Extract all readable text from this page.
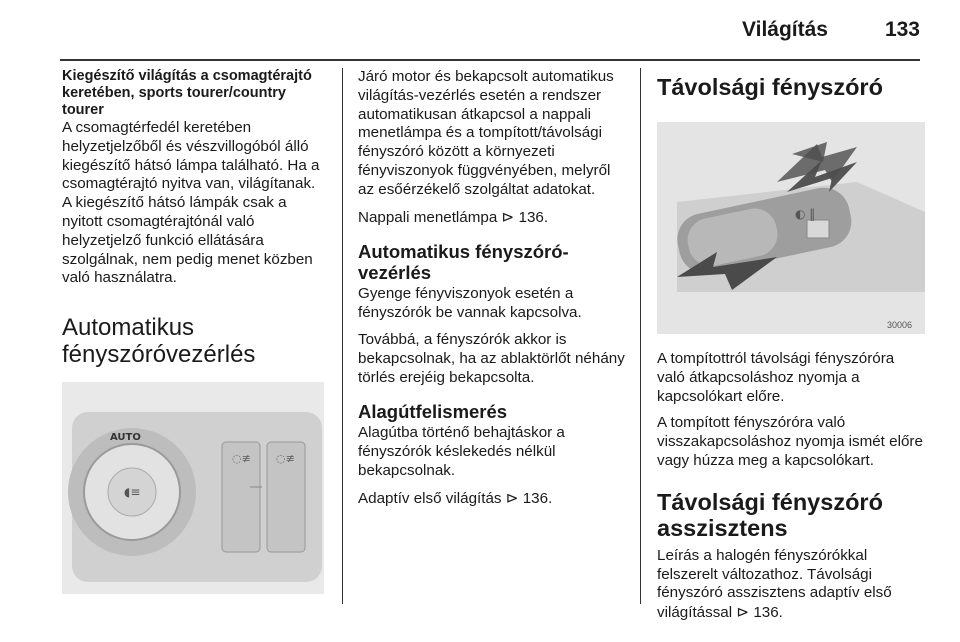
Világítás	133
Kiegészítő világítás a csomagtérajtó keretében, sports tourer/country tourer

A csomagtérfedél keretében helyzetjelzőből és vészvillogóból álló kiegészítő hátsó lámpa található. Ha a csomagtérajtó nyitva van, világítanak. A kiegészítő hátsó lámpák csak a nyitott csomagtérajtónál való helyzetjelző funkció ellátására szolgálnak, nem pedig menet közben való használatra.

Automatikus fényszóróvezérlés
◖≡
◌≢ ◌≢
AUTO

Járó motor és bekapcsolt automatikus világítás-vezérlés esetén a rendszer automatikusan átkapcsol a nappali menetlámpa és a tompított/távolsági fényszóró között a környezeti fényviszonyok függvényében, melyről az esőérzékelő szolgáltat adatokat.

Nappali menetlámpa ⊳ 136.

Automatikus fényszóró-vezérlés

Gyenge fényviszonyok esetén a fényszórók be vannak kapcsolva.

Továbbá, a fényszórók akkor is bekapcsolnak, ha az ablaktörlőt néhány törlés erejéig bekapcsolta.

Alagútfelismerés

Alagútba történő behajtáskor a fényszórók késlekedés nélkül bekapcsolnak.

Adaptív első világítás ⊳ 136.

Távolsági fényszóró
◐ ‖
30006

A tompítottról távolsági fényszóróra való átkapcsoláshoz nyomja a kapcsolókart előre.

A tompított fényszóróra való visszakapcsoláshoz nyomja ismét előre vagy húzza meg a kapcsolókart.

Távolsági fényszóró asszisztens

Leírás a halogén fényszórókkal felszerelt változathoz. Távolsági fényszóró asszisztens adaptív első világítással ⊳ 136.
